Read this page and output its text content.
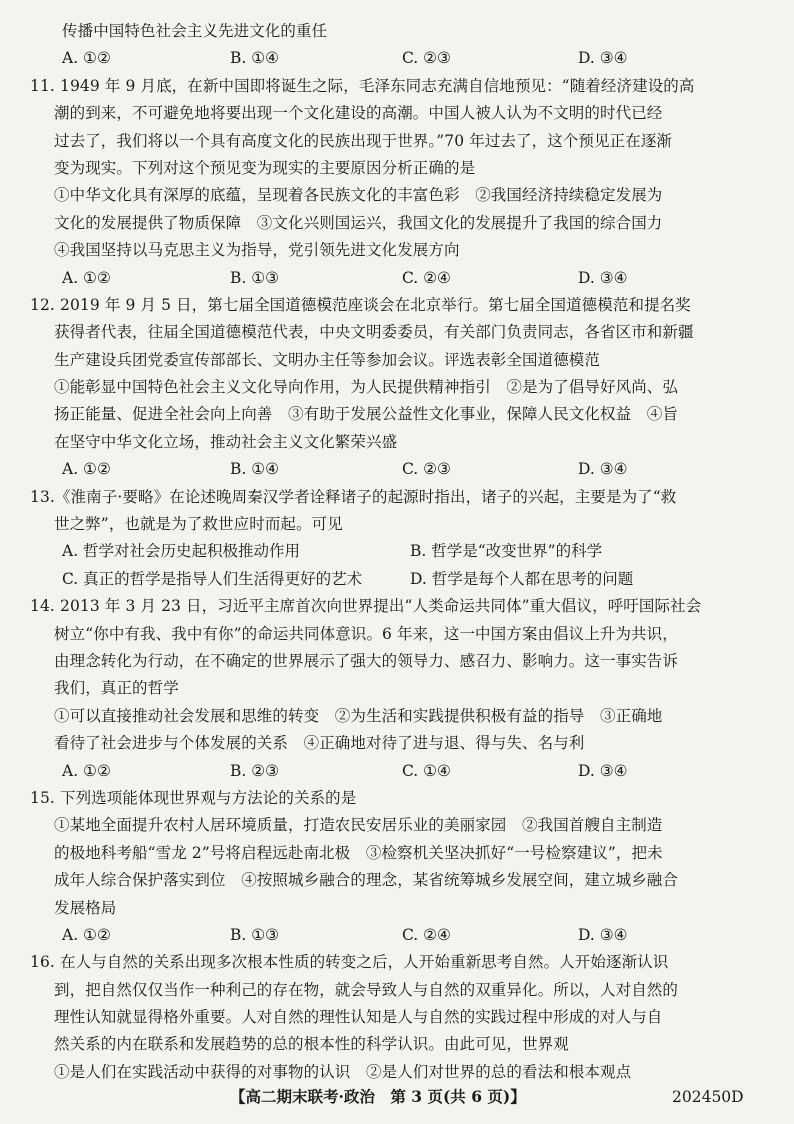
传播中国特色社会主义先进文化的重任
A. ①②	B. ①④	C. ②③	D. ③④
11. 1949 年 9 月底，在新中国即将诞生之际，毛泽东同志充满自信地预见：“随着经济建设的高
潮的到来，不可避免地将要出现一个文化建设的高潮。中国人被人认为不文明的时代已经
过去了，我们将以一个具有高度文化的民族出现于世界。”70 年过去了，这个预见正在逐渐
变为现实。下列对这个预见变为现实的主要原因分析正确的是
①中华文化具有深厚的底蕴，呈现着各民族文化的丰富色彩　②我国经济持续稳定发展为
文化的发展提供了物质保障　③文化兴则国运兴，我国文化的发展提升了我国的综合国力
④我国坚持以马克思主义为指导，党引领先进文化发展方向
A. ①②	B. ①③	C. ②④	D. ③④
12. 2019 年 9 月 5 日，第七届全国道德模范座谈会在北京举行。第七届全国道德模范和提名奖
获得者代表，往届全国道德模范代表，中央文明委委员，有关部门负责同志，各省区市和新疆
生产建设兵团党委宣传部部长、文明办主任等参加会议。评选表彰全国道德模范
①能彰显中国特色社会主义文化导向作用，为人民提供精神指引　②是为了倡导好风尚、弘
扬正能量、促进全社会向上向善　③有助于发展公益性文化事业，保障人民文化权益　④旨
在坚守中华文化立场，推动社会主义文化繁荣兴盛
A. ①②	B. ①④	C. ②③	D. ③④
13.《淮南子·要略》在论述晚周秦汉学者诠释诸子的起源时指出，诸子的兴起，主要是为了“救
世之弊”，也就是为了救世应时而起。可见
A. 哲学对社会历史起积极推动作用	B. 哲学是“改变世界”的科学
C. 真正的哲学是指导人们生活得更好的艺术	D. 哲学是每个人都在思考的问题
14. 2013 年 3 月 23 日，习近平主席首次向世界提出“人类命运共同体”重大倡议，呼吁国际社会
树立“你中有我、我中有你”的命运共同体意识。6 年来，这一中国方案由倡议上升为共识，
由理念转化为行动，在不确定的世界展示了强大的领导力、感召力、影响力。这一事实告诉
我们，真正的哲学
①可以直接推动社会发展和思维的转变　②为生活和实践提供积极有益的指导　③正确地
看待了社会进步与个体发展的关系　④正确地对待了进与退、得与失、名与利
A. ①②	B. ②③	C. ①④	D. ③④
15. 下列选项能体现世界观与方法论的关系的是
①某地全面提升农村人居环境质量，打造农民安居乐业的美丽家园　②我国首艘自主制造
的极地科考船“雪龙 2”号将启程远赴南北极　③检察机关坚决抓好“一号检察建议”，把未
成年人综合保护落实到位　④按照城乡融合的理念，某省统筹城乡发展空间，建立城乡融合
发展格局
A. ①②	B. ①③	C. ②④	D. ③④
16. 在人与自然的关系出现多次根本性质的转变之后，人开始重新思考自然。人开始逐渐认识
到，把自然仅仅当作一种利己的存在物，就会导致人与自然的双重异化。所以，人对自然的
理性认知就显得格外重要。人对自然的理性认知是人与自然的实践过程中形成的对人与自
然关系的内在联系和发展趋势的总的根本性的科学认识。由此可见，世界观
①是人们在实践活动中获得的对事物的认识　②是人们对世界的总的看法和根本观点
【高二期末联考·政治　第 3 页(共 6 页)】	202450D
